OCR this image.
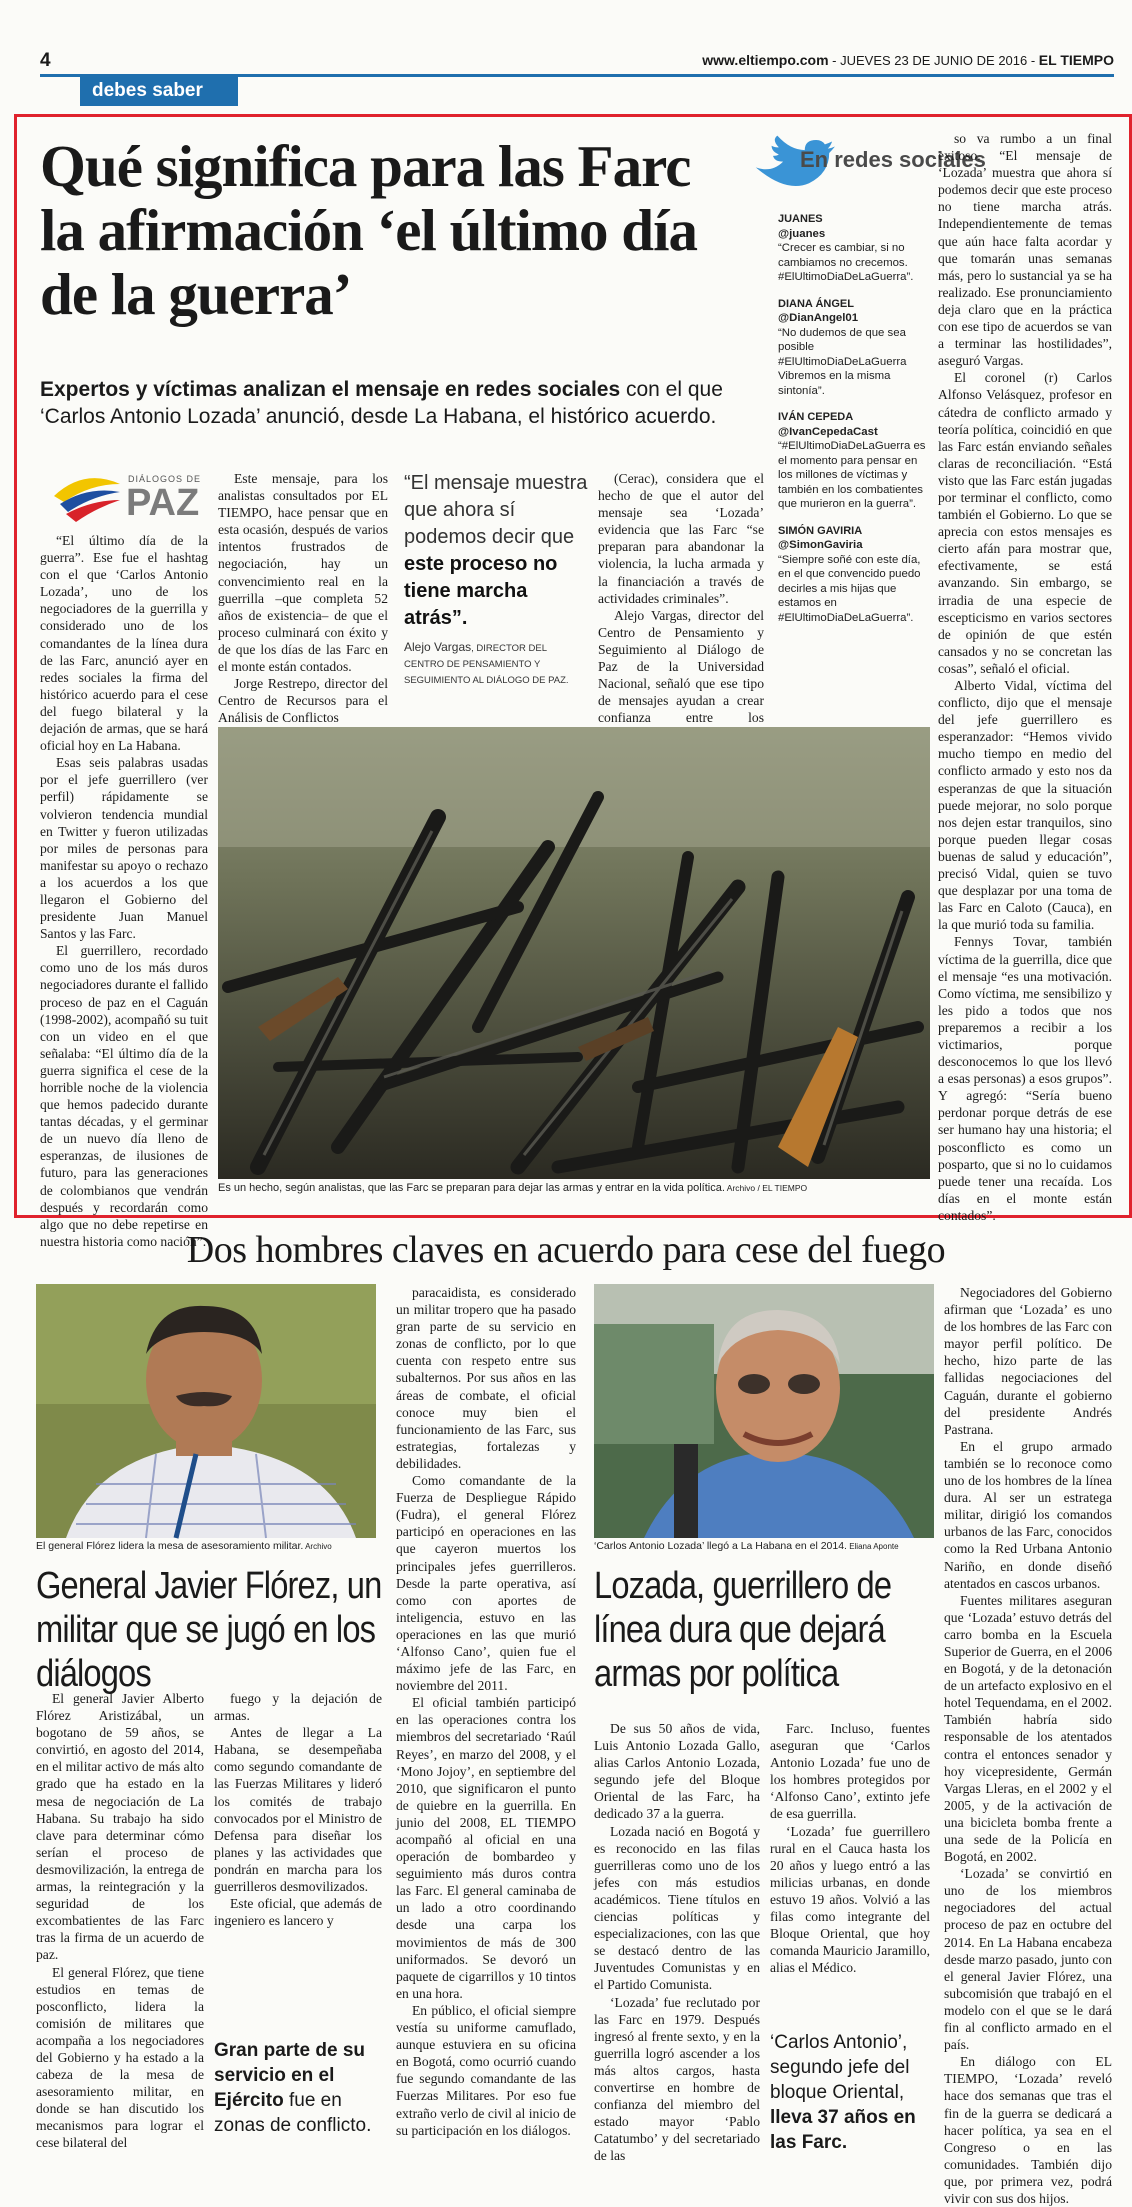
4	www.eltiempo.com - JUEVES 23 DE JUNIO DE 2016 - EL TIEMPO
debes saber
Qué significa para las Farc la afirmación ‘el último día de la guerra’
Expertos y víctimas analizan el mensaje en redes sociales con el que ‘Carlos Antonio Lozada’ anunció, desde La Habana, el histórico acuerdo.
DIÁLOGOS DE
PAZ

“El último día de la guerra”. Ese fue el hashtag con el que ‘Carlos Antonio Lozada’, uno de los negociadores de la guerrilla y considerado uno de los comandantes de la línea dura de las Farc, anunció ayer en redes sociales la firma del histórico acuerdo para el cese del fuego bilateral y la dejación de armas, que se hará oficial hoy en La Habana.

Esas seis palabras usadas por el jefe guerrillero (ver perfil) rápidamente se volvieron tendencia mundial en Twitter y fueron utilizadas por miles de personas para manifestar su apoyo o rechazo a los acuerdos a los que llegaron el Gobierno del presidente Juan Manuel Santos y las Farc.

El guerrillero, recordado como uno de los más duros negociadores durante el fallido proceso de paz en el Caguán (1998-2002), acompañó su tuit con un video en el que señalaba: “El último día de la guerra significa el cese de la horrible noche de la violencia que hemos padecido durante tantas décadas, y el germinar de un nuevo día lleno de esperanzas, de ilusiones de futuro, para las generaciones de colombianos que vendrán después y recordarán como algo que no debe repetirse en nuestra historia como nación”.

Este mensaje, para los analistas consultados por EL TIEMPO, hace pensar que en esta ocasión, después de varios intentos frustrados de negociación, hay un convencimiento real en la guerrilla –que completa 52 años de existencia– de que el proceso culminará con éxito y de que los días de las Farc en el monte están contados.

Jorge Restrepo, director del Centro de Recursos para el Análisis de Conflictos

“El mensaje muestra que ahora sí podemos decir que este proceso no tiene marcha atrás”.
Alejo Vargas, DIRECTOR DEL CENTRO DE PENSAMIENTO Y SEGUIMIENTO AL DIÁLOGO DE PAZ.

(Cerac), considera que el hecho de que el autor del mensaje sea ‘Lozada’ evidencia que las Farc “se preparan para abandonar la violencia, la lucha armada y la financiación a través de actividades criminales”.

Alejo Vargas, director del Centro de Pensamiento y Seguimiento al Diálogo de Paz de la Universidad Nacional, señaló que ese tipo de mensajes ayudan a crear confianza entre los

En redes sociales
JUANES
@juanes
“Crecer es cambiar, si no cambiamos no crecemos. #ElUltimoDiaDeLaGuerra”.
DIANA ÁNGEL
@DianAngel01
“No dudemos de que sea posible #ElUltimoDiaDeLaGuerra Vibremos en la misma sintonía”.
IVÁN CEPEDA
@IvanCepedaCast
“#ElUltimoDiaDeLaGuerra es el momento para pensar en los millones de víctimas y también en los combatientes que murieron en la guerra”.
SIMÓN GAVIRIA
@SimonGaviria
“Siempre soñé con este día, en el que convencido puedo decirles a mis hijas que estamos en #ElUltimoDiaDeLaGuerra”.

so va rumbo a un final exitoso. “El mensaje de ‘Lozada’ muestra que ahora sí podemos decir que este proceso no tiene marcha atrás. Independientemente de temas que aún hace falta acordar y que tomarán unas semanas más, pero lo sustancial ya se ha realizado. Ese pronunciamiento deja claro que en la práctica con ese tipo de acuerdos se van a terminar las hostilidades”, aseguró Vargas.

El coronel (r) Carlos Alfonso Velásquez, profesor en cátedra de conflicto armado y teoría política, coincidió en que las Farc están enviando señales claras de reconciliación. “Está visto que las Farc están jugadas por terminar el conflicto, como también el Gobierno. Lo que se aprecia con estos mensajes es cierto afán para mostrar que, efectivamente, se está avanzando. Sin embargo, se irradia de una especie de escepticismo en varios sectores de opinión de que estén cansados y no se concretan las cosas”, señaló el oficial.

Alberto Vidal, víctima del conflicto, dijo que el mensaje del jefe guerrillero es esperanzador: “Hemos vivido mucho tiempo en medio del conflicto armado y esto nos da esperanzas de que la situación puede mejorar, no solo porque nos dejen estar tranquilos, sino porque pueden llegar cosas buenas de salud y educación”, precisó Vidal, quien se tuvo que desplazar por una toma de las Farc en Caloto (Cauca), en la que murió toda su familia.

Fennys Tovar, también víctima de la guerrilla, dice que el mensaje “es una motivación. Como víctima, me sensibilizo y les pido a todos que nos preparemos a recibir a los victimarios, porque desconocemos lo que los llevó a esas personas) a esos grupos”. Y agregó: “Sería bueno perdonar porque detrás de ese ser humano hay una historia; el posconflicto es como un posparto, que si no lo cuidamos puede tener una recaída. Los días en el monte están contados”.

Es un hecho, según analistas, que las Farc se preparan para dejar las armas y entrar en la vida política. Archivo / EL TIEMPO
Dos hombres claves en acuerdo para cese del fuego
El general Flórez lidera la mesa de asesoramiento militar. Archivo
General Javier Flórez, un militar que se jugó en los diálogos

El general Javier Alberto Flórez Aristizábal, un bogotano de 59 años, se convirtió, en agosto del 2014, en el militar activo de más alto grado que ha estado en la mesa de negociación de La Habana. Su trabajo ha sido clave para determinar cómo serían el proceso de desmovilización, la entrega de armas, la reintegración y la seguridad de los excombatientes de las Farc tras la firma de un acuerdo de paz.

El general Flórez, que tiene estudios en temas de posconflicto, lidera la comisión de militares que acompaña a los negociadores del Gobierno y ha estado a la cabeza de la mesa de asesoramiento militar, en donde se han discutido los mecanismos para lograr el cese bilateral del

fuego y la dejación de armas.

Antes de llegar a La Habana, se desempeñaba como segundo comandante de las Fuerzas Militares y lideró los comités de trabajo convocados por el Ministro de Defensa para diseñar los planes y las actividades que pondrán en marcha para los guerrilleros desmovilizados.

Este oficial, que además de ingeniero es lancero y

Gran parte de su servicio en el Ejército fue en zonas de conflicto.

paracaidista, es considerado un militar tropero que ha pasado gran parte de su servicio en zonas de conflicto, por lo que cuenta con respeto entre sus subalternos. Por sus años en las áreas de combate, el oficial conoce muy bien el funcionamiento de las Farc, sus estrategias, fortalezas y debilidades.

Como comandante de la Fuerza de Despliegue Rápido (Fudra), el general Flórez participó en operaciones en las que cayeron muertos los principales jefes guerrilleros. Desde la parte operativa, así como con aportes de inteligencia, estuvo en las operaciones en las que murió ‘Alfonso Cano’, quien fue el máximo jefe de las Farc, en noviembre del 2011.

El oficial también participó en las operaciones contra los miembros del secretariado ‘Raúl Reyes’, en marzo del 2008, y el ‘Mono Jojoy’, en septiembre del 2010, que significaron el punto de quiebre en la guerrilla. En junio del 2008, EL TIEMPO acompañó al oficial en una operación de bombardeo y seguimiento más duros contra las Farc. El general caminaba de un lado a otro coordinando desde una carpa los movimientos de más de 300 uniformados. Se devoró un paquete de cigarrillos y 10 tintos en una hora.

En público, el oficial siempre vestía su uniforme camuflado, aunque estuviera en su oficina en Bogotá, como ocurrió cuando fue segundo comandante de las Fuerzas Militares. Por eso fue extraño verlo de civil al inicio de su participación en los diálogos.

‘Carlos Antonio Lozada’ llegó a La Habana en el 2014. Eliana Aponte
Lozada, guerrillero de línea dura que dejará armas por política

De sus 50 años de vida, Luis Antonio Lozada Gallo, alias Carlos Antonio Lozada, segundo jefe del Bloque Oriental de las Farc, ha dedicado 37 a la guerra.

Lozada nació en Bogotá y es reconocido en las filas guerrilleras como uno de los jefes con más estudios académicos. Tiene títulos en ciencias políticas y especializaciones, con las que se destacó dentro de las Juventudes Comunistas y en el Partido Comunista.

‘Lozada’ fue reclutado por las Farc en 1979. Después ingresó al frente sexto, y en la guerrilla logró ascender a los más altos cargos, hasta convertirse en hombre de confianza del miembro del estado mayor ‘Pablo Catatumbo’ y del secretariado de las

Farc. Incluso, fuentes aseguran que ‘Carlos Antonio Lozada’ fue uno de los hombres protegidos por ‘Alfonso Cano’, extinto jefe de esa guerrilla.

‘Lozada’ fue guerrillero rural en el Cauca hasta los 20 años y luego entró a las milicias urbanas, en donde estuvo 19 años. Volvió a las filas como integrante del Bloque Oriental, que hoy comanda Mauricio Jaramillo, alias el Médico.

‘Carlos Antonio’, segundo jefe del bloque Oriental, lleva 37 años en las Farc.

Negociadores del Gobierno afirman que ‘Lozada’ es uno de los hombres de las Farc con mayor perfil político. De hecho, hizo parte de las fallidas negociaciones del Caguán, durante el gobierno del presidente Andrés Pastrana.

En el grupo armado también se lo reconoce como uno de los hombres de la línea dura. Al ser un estratega militar, dirigió los comandos urbanos de las Farc, conocidos como la Red Urbana Antonio Nariño, en donde diseñó atentados en cascos urbanos.

Fuentes militares aseguran que ‘Lozada’ estuvo detrás del carro bomba en la Escuela Superior de Guerra, en el 2006 en Bogotá, y de la detonación de un artefacto explosivo en el hotel Tequendama, en el 2002. También habría sido responsable de los atentados contra el entonces senador y hoy vicepresidente, Germán Vargas Lleras, en el 2002 y el 2005, y de la activación de una bicicleta bomba frente a una sede de la Policía en Bogotá, en 2002.

‘Lozada’ se convirtió en uno de los miembros negociadores del actual proceso de paz en octubre del 2014. En La Habana encabeza desde marzo pasado, junto con el general Javier Flórez, una subcomisión que trabajó en el modelo con el que se le dará fin al conflicto armado en el país.

En diálogo con EL TIEMPO, ‘Lozada’ reveló hace dos semanas que tras el fin de la guerra se dedicará a hacer política, ya sea en el Congreso o en las comunidades. También dijo que, por primera vez, podrá vivir con sus dos hijos.
